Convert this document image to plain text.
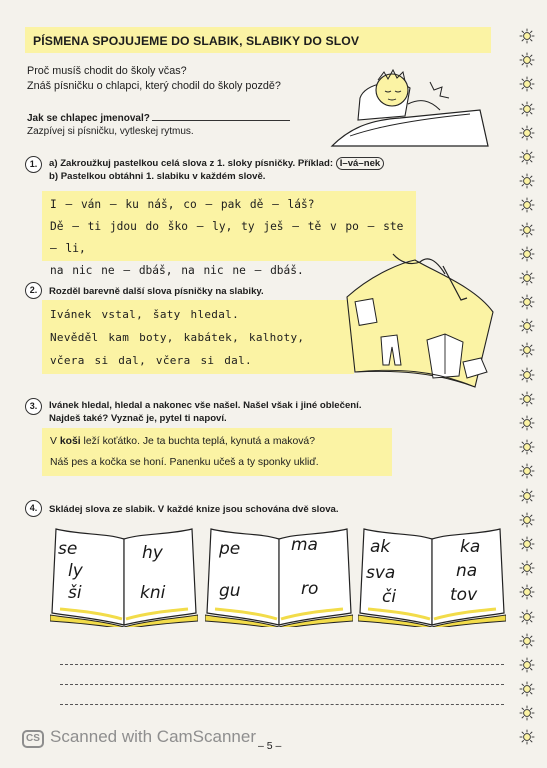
PÍSMENA SPOJUJEME DO SLABIK, SLABIKY DO SLOV
Proč musíš chodit do školy včas?
Znáš písničku o chlapci, který chodil do školy pozdě?
Jak se chlapec jmenoval?
Zazpívej si písničku, vytleskej rytmus.
1.	a) Zakroužkuj pastelkou celá slova z 1. sloky písničky. Příklad: I–vá–nek
b) Pastelkou obtáhni 1. slabiku v každém slově.
I – ván – ku náš, co – pak dě – láš?
Dě – ti jdou do ško – ly, ty ješ – tě v po – ste – li,
na nic ne – dbáš, na nic ne – dbáš.
2.	Rozděl barevně další slova písničky na slabiky.
Ivánek vstal, šaty hledal.
Nevěděl kam boty, kabátek, kalhoty,
včera si dal, včera si dal.
3.	Ivánek hledal, hledal a nakonec vše našel. Našel však i jiné oblečení.
Najdeš také? Vyznač je, pytel ti napoví.
V koši leží koťátko. Je ta buchta teplá, kynutá a maková?
Náš pes a kočka se honí. Panenku učeš a ty sponky ukliď.
4.	Skládej slova ze slabik. V každé knize jsou schována dvě slova.
se
ly
ši
hy
kni
pe
gu
ma
ro
ak
sva
či
ka
na
tov
CS Scanned with CamScanner – 5 –
